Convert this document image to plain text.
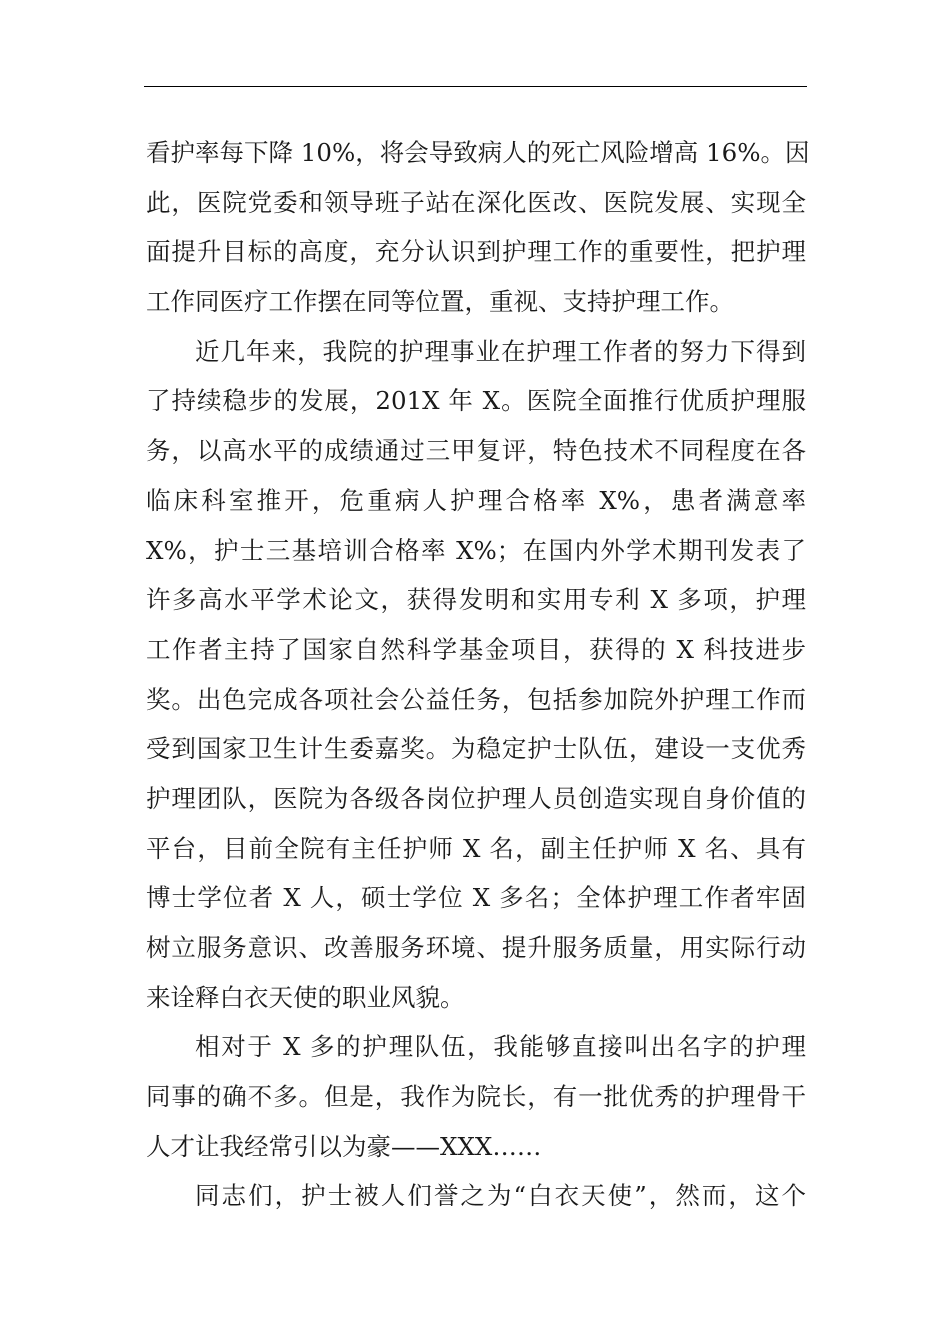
看护率每下降 10%，将会导致病人的死亡风险增高 16%。因
此，医院党委和领导班子站在深化医改、医院发展、实现全
面提升目标的高度，充分认识到护理工作的重要性，把护理
工作同医疗工作摆在同等位置，重视、支持护理工作。
近几年来，我院的护理事业在护理工作者的努力下得到
了持续稳步的发展，201X 年 X。医院全面推行优质护理服
务，以高水平的成绩通过三甲复评，特色技术不同程度在各
临床科室推开，危重病人护理合格率 X%，患者满意率
X%，护士三基培训合格率 X%；在国内外学术期刊发表了
许多高水平学术论文，获得发明和实用专利 X 多项，护理
工作者主持了国家自然科学基金项目，获得的 X 科技进步
奖。出色完成各项社会公益任务，包括参加院外护理工作而
受到国家卫生计生委嘉奖。为稳定护士队伍，建设一支优秀
护理团队，医院为各级各岗位护理人员创造实现自身价值的
平台，目前全院有主任护师 X 名，副主任护师 X 名、具有
博士学位者 X 人，硕士学位 X 多名；全体护理工作者牢固
树立服务意识、改善服务环境、提升服务质量，用实际行动
来诠释白衣天使的职业风貌。
相对于 X 多的护理队伍，我能够直接叫出名字的护理
同事的确不多。但是，我作为院长，有一批优秀的护理骨干
人才让我经常引以为豪——XXX……
同志们，护士被人们誉之为“白衣天使”，然而，这个
